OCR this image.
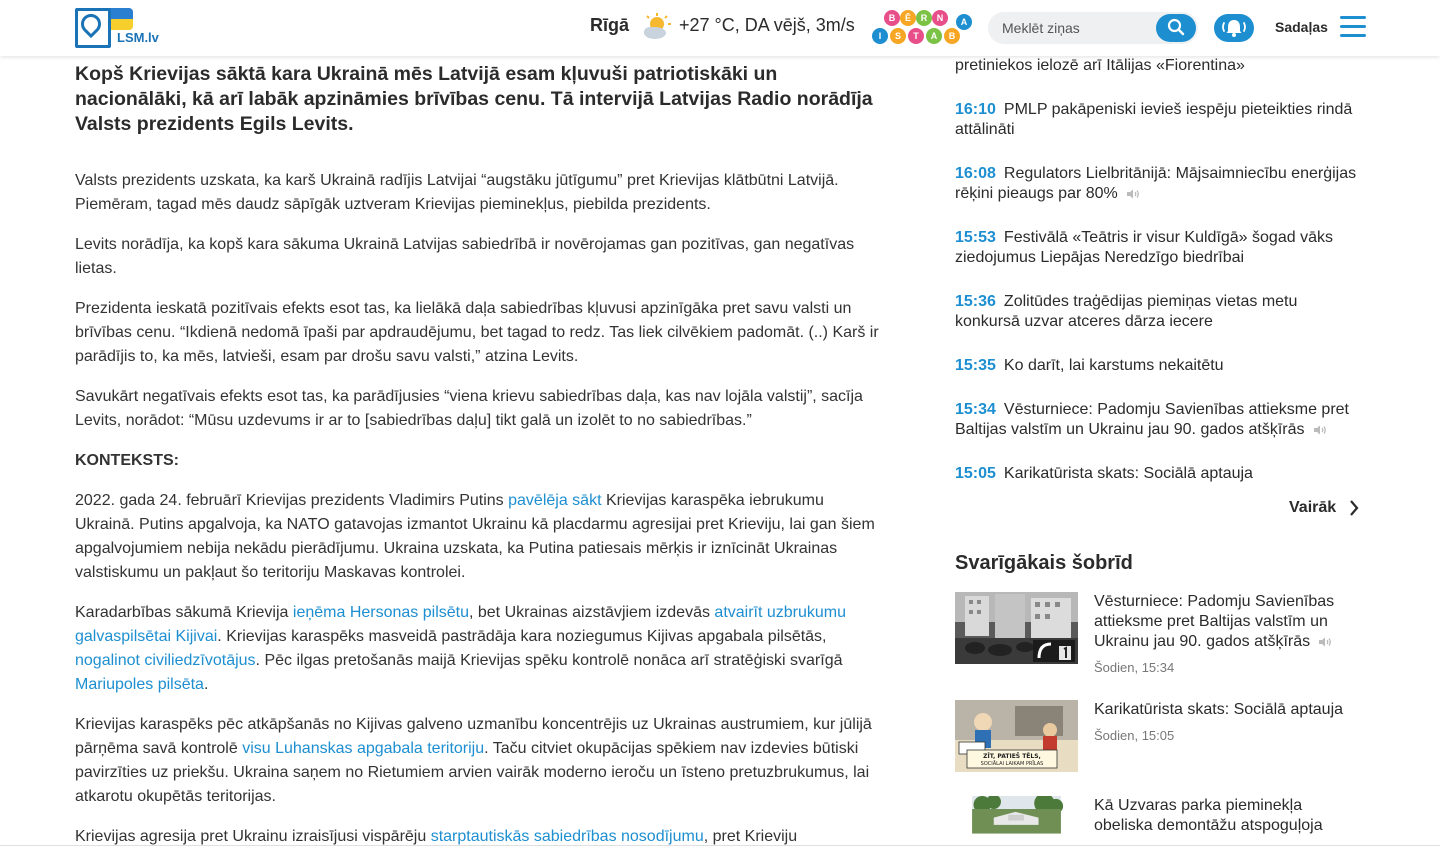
LSM.lv
Rīgā	+27 °C, DA vējš, 3m/s	B	Ē	R	N
I	S	T	A	B
A
Meklēt ziņas	Sadaļas
Kopš Krievijas sāktā kara Ukrainā mēs Latvijā esam kļuvuši patriotiskāki un nacionālāki, kā arī labāk apzināmies brīvības cenu. Tā intervijā Latvijas Radio norādīja Valsts prezidents Egils Levits.

Valsts prezidents uzskata, ka karš Ukrainā radījis Latvijai “augstāku jūtīgumu” pret Krievijas klātbūtni Latvijā. Piemēram, tagad mēs daudz sāpīgāk uztveram Krievijas pieminekļus, piebilda prezidents.

Levits norādīja, ka kopš kara sākuma Ukrainā Latvijas sabiedrībā ir novērojamas gan pozitīvas, gan negatīvas lietas.

Prezidenta ieskatā pozitīvais efekts esot tas, ka lielākā daļa sabiedrības kļuvusi apzinīgāka pret savu valsti un brīvības cenu. “Ikdienā nedomā īpaši par apdraudējumu, bet tagad to redz. Tas liek cilvēkiem padomāt. (..) Karš ir parādījis to, ka mēs, latvieši, esam par drošu savu valsti,” atzina Levits.

Savukārt negatīvais efekts esot tas, ka parādījusies “viena krievu sabiedrības daļa, kas nav lojāla valstij”, sacīja Levits, norādot: “Mūsu uzdevums ir ar to [sabiedrības daļu] tikt galā un izolēt to no sabiedrības.”

KONTEKSTS:

2022. gada 24. februārī Krievijas prezidents Vladimirs Putins pavēlēja sākt Krievijas karaspēka iebrukumu Ukrainā. Putins apgalvoja, ka NATO gatavojas izmantot Ukrainu kā placdarmu agresijai pret Krieviju, lai gan šiem apgalvojumiem nebija nekādu pierādījumu. Ukraina uzskata, ka Putina patiesais mērķis ir iznīcināt Ukrainas valstiskumu un pakļaut šo teritoriju Maskavas kontrolei.

Karadarbības sākumā Krievija ieņēma Hersonas pilsētu, bet Ukrainas aizstāvjiem izdevās atvairīt uzbrukumu galvaspilsētai Kijivai. Krievijas karaspēks masveidā pastrādāja kara noziegumus Kijivas apgabala pilsētās, nogalinot civiliedzīvotājus. Pēc ilgas pretošanās maijā Krievijas spēku kontrolē nonāca arī stratēģiski svarīgā Mariupoles pilsēta.

Krievijas karaspēks pēc atkāpšanās no Kijivas galveno uzmanību koncentrējis uz Ukrainas austrumiem, kur jūlijā pārņēma savā kontrolē visu Luhanskas apgabala teritoriju. Taču citviet okupācijas spēkiem nav izdevies būtiski pavirzīties uz priekšu. Ukraina saņem no Rietumiem arvien vairāk moderno ieroču un īsteno pretuzbrukumus, lai atkarotu okupētās teritorijas.

Krievijas agresija pret Ukrainu izraisījusi vispārēju starptautiskās sabiedrības nosodījumu, pret Krieviju

pretiniekos ielozē arī Itālijas «Fiorentina»
16:10 PMLP pakāpeniski ievieš iespēju pieteikties rindā attālināti
16:08 Regulators Lielbritānijā: Mājsaimniecību enerģijas rēķini pieaugs par 80%
15:53 Festivālā «Teātris ir visur Kuldīgā» šogad vāks ziedojumus Liepājas Neredzīgo biedrībai
15:36 Zolitūdes traģēdijas piemiņas vietas metu konkursā uzvar atceres dārza iecere
15:35 Ko darīt, lai karstums nekaitētu
15:34 Vēsturniece: Padomju Savienības attieksme pret Baltijas valstīm un Ukrainu jau 90. gados atšķīrās
15:05 Karikatūrista skats: Sociālā aptauja
Vairāk
Svarīgākais šobrīd
Vēsturniece: Padomju Savienības attieksme pret Baltijas valstīm un Ukrainu jau 90. gados atšķīrās
Šodien, 15:34
ZĪT, PATIEŠ TĒLS,
SOCIĀLAI LAIKAM PRĪLAS
Karikatūrista skats: Sociālā aptauja
Šodien, 15:05
Kā Uzvaras parka pieminekļa obeliska demontāžu atspoguļoja
